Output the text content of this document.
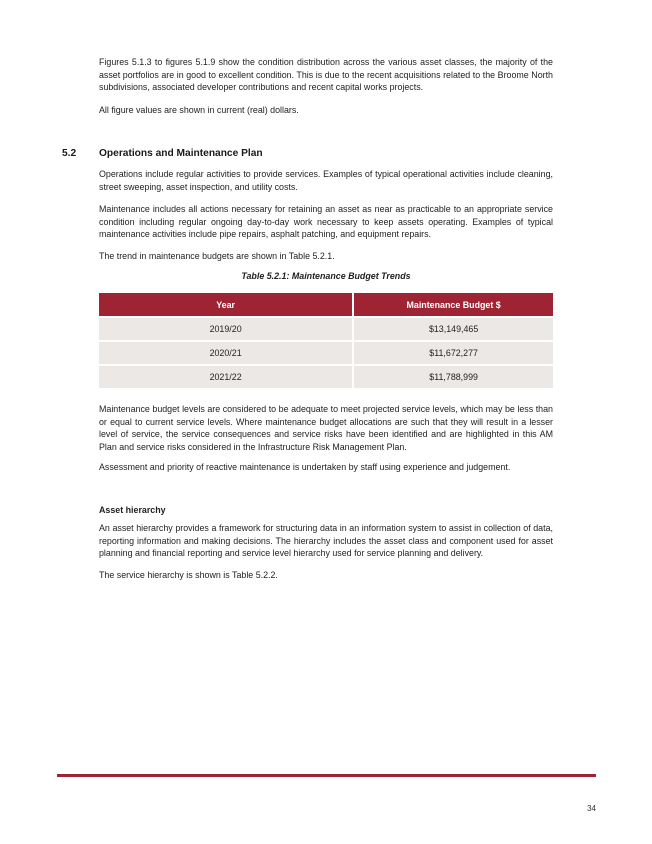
Figures 5.1.3 to figures 5.1.9 show the condition distribution across the various asset classes, the majority of the asset portfolios are in good to excellent condition. This is due to the recent acquisitions related to the Broome North subdivisions, associated developer contributions and recent capital works projects.

All figure values are shown in current (real) dollars.

5.2 Operations and Maintenance Plan

Operations include regular activities to provide services. Examples of typical operational activities include cleaning, street sweeping, asset inspection, and utility costs.

Maintenance includes all actions necessary for retaining an asset as near as practicable to an appropriate service condition including regular ongoing day-to-day work necessary to keep assets operating. Examples of typical maintenance activities include pipe repairs, asphalt patching, and equipment repairs.

The trend in maintenance budgets are shown in Table 5.2.1.

Table 5.2.1: Maintenance Budget Trends
Year	Maintenance Budget $
2019/20	$13,149,465
2020/21	$11,672,277
2021/22	$11,788,999

Maintenance budget levels are considered to be adequate to meet projected service levels, which may be less than or equal to current service levels. Where maintenance budget allocations are such that they will result in a lesser level of service, the service consequences and service risks have been identified and are highlighted in this AM Plan and service risks considered in the Infrastructure Risk Management Plan.

Assessment and priority of reactive maintenance is undertaken by staff using experience and judgement.

Asset hierarchy

An asset hierarchy provides a framework for structuring data in an information system to assist in collection of data, reporting information and making decisions. The hierarchy includes the asset class and component used for asset planning and financial reporting and service level hierarchy used for service planning and delivery.

The service hierarchy is shown is Table 5.2.2.

34
